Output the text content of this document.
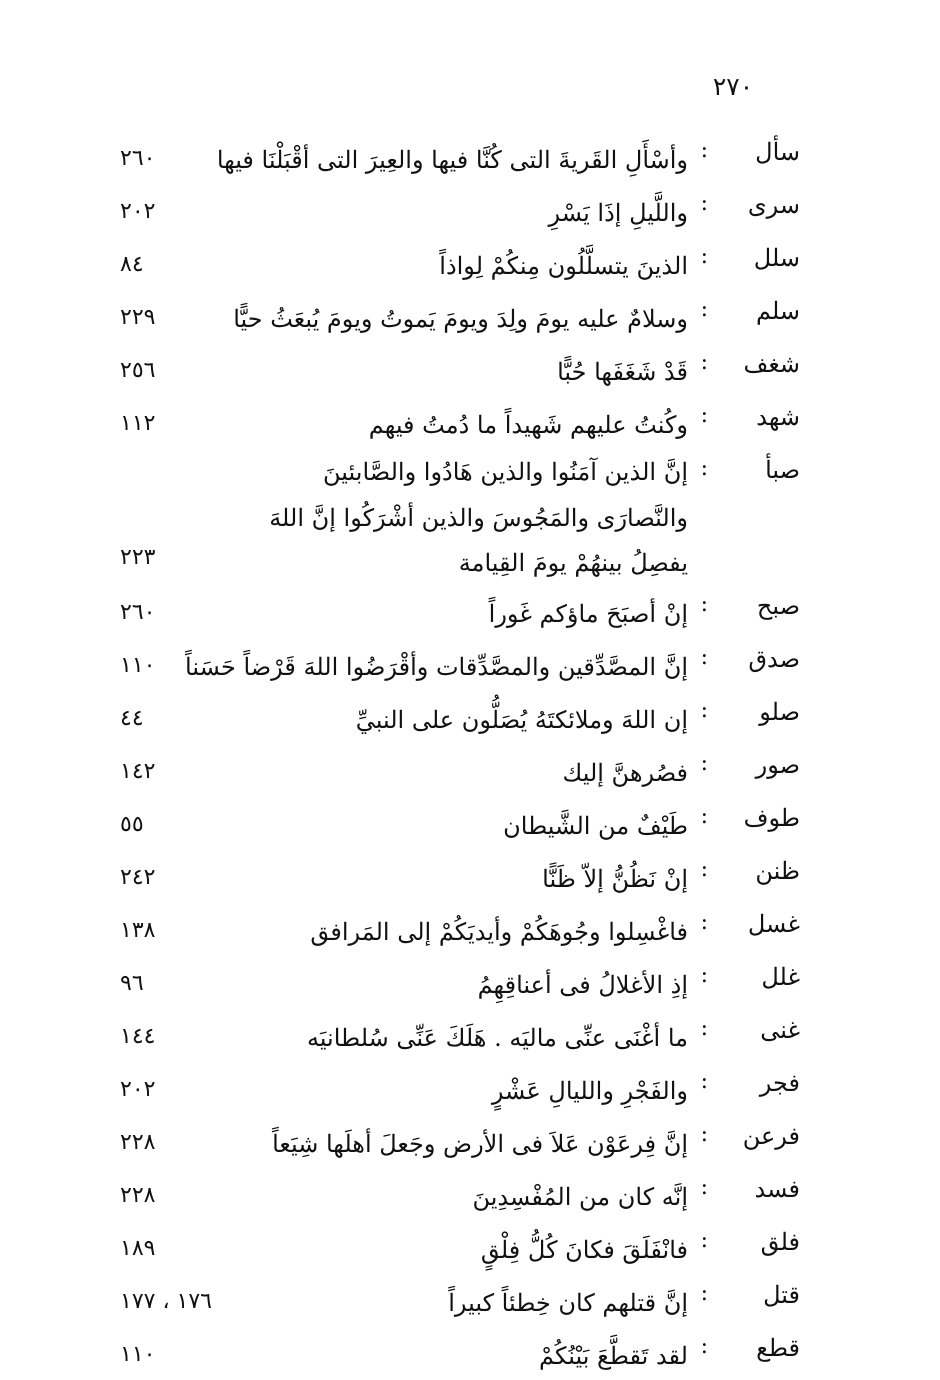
٢٧٠
سأل
:
وأسْأَلِ القَريةَ التى كُنَّا فيها والعِيرَ التى أقْبَلْنَا فيها
٢٦٠
سرى
:
واللَّيلِ إذَا يَسْرِ
٢٠٢
سلل
:
الذينَ يتسلَّلُون مِنكُمْ لِواذاً
٨٤
سلم
:
وسلامٌ عليه يومَ ولِدَ ويومَ يَموتُ ويومَ يُبعَثُ حيًّا
٢٢٩
شغف
:
قَدْ شَغَفَها حُبًّا
٢٥٦
شهد
:
وكُنتُ عليهم شَهيداً ما دُمتُ فيهم
١١٢
صبأ
:
إنَّ الذين آمَنُوا والذين هَادُوا والصَّابئينَ والنَّصارَى والمَجُوسَ والذين أشْرَكُوا إنَّ اللهَ يفصِلُ بينهُمْ يومَ القِيامة
٢٢٣
صبح
:
إنْ أصبَحَ ماؤكم غَوراً
٢٦٠
صدق
:
إنَّ المصَّدِّقين والمصَّدِّقات وأقْرَضُوا اللهَ قَرْضاً حَسَناً
١١٠
صلو
:
إن اللهَ وملائكتَهُ يُصَلُّون على النبيِّ
٤٤
صور
:
فصُرهنَّ إليك
١٤٢
طوف
:
طَيْفٌ من الشَّيطان
٥٥
ظنن
:
إنْ نَظُنُّ إلاّ ظَنًّا
٢٤٢
غسل
:
فاغْسِلوا وجُوهَكُمْ وأيديَكُمْ إلى المَرافق
١٣٨
غلل
:
إذِ الأغلالُ فى أعناقِهِمُ
٩٦
غنى
:
ما أغْنَى عنِّى ماليَه . هَلَكَ عَنِّى سُلطانيَه
١٤٤
فجر
:
والفَجْرِ والليالِ عَشْرٍ
٢٠٢
فرعن
:
إنَّ فِرعَوْن عَلاَ فى الأرض وجَعلَ أهلَها شِيَعاً
٢٢٨
فسد
:
إنَّه كان من المُفْسِدِينَ
٢٢٨
فلق
:
فانْفَلَقَ فكانَ كُلُّ فِلْقٍ
١٨٩
قتل
:
إنَّ قتلهم كان خِطئاً كبيراً
١٧٦ ، ١٧٧
قطع
:
لقد تَقطَّعَ بَيْنُكُمْ
١١٠
